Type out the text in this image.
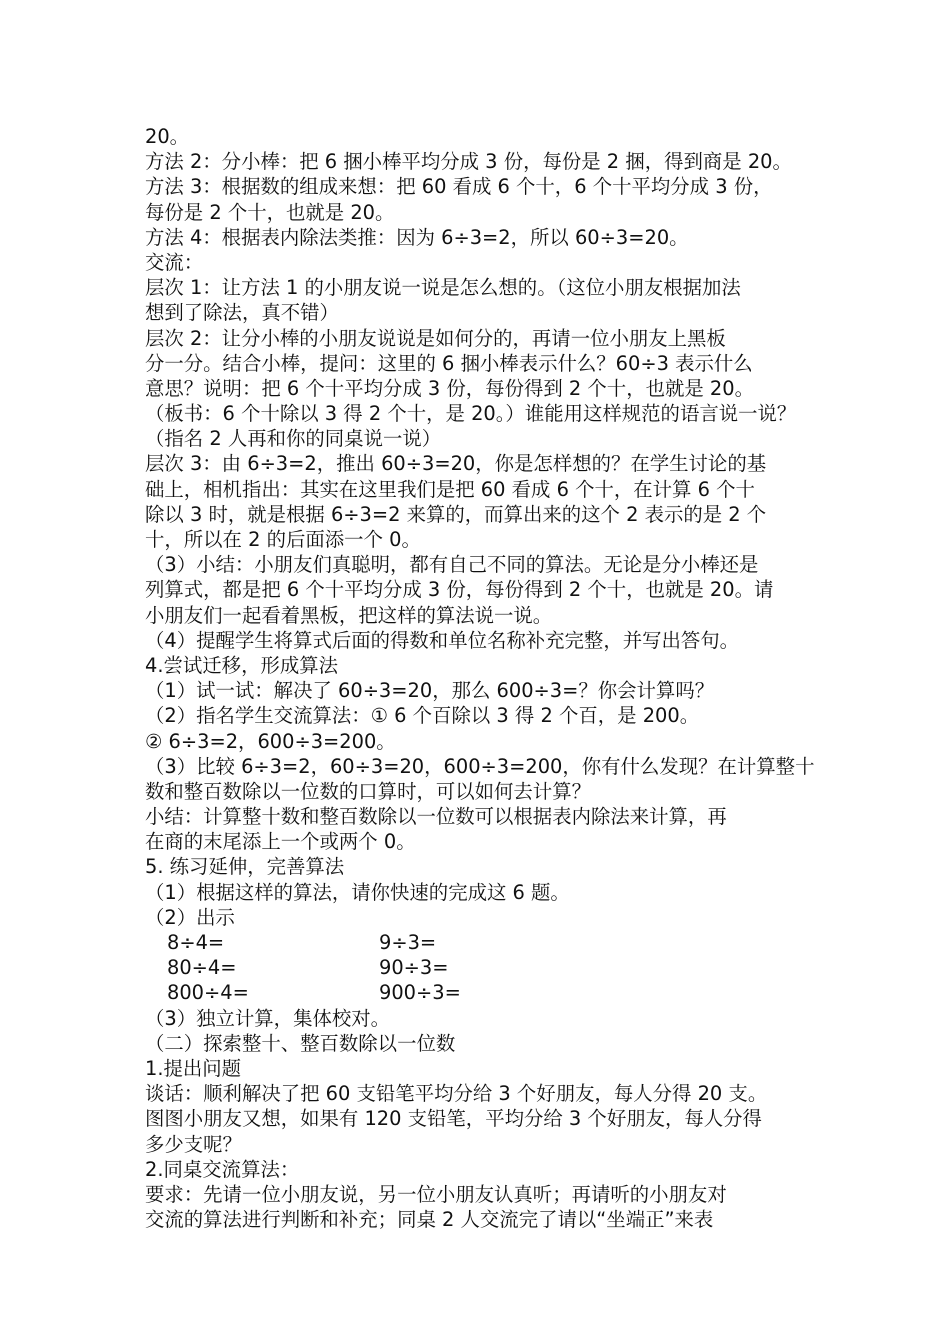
20。
方法 2：分小棒：把 6 捆小棒平均分成 3 份，每份是 2 捆，得到商是 20。
方法 3：根据数的组成来想：把 60 看成 6 个十，6 个十平均分成 3 份，
每份是 2 个十，也就是 20。
方法 4：根据表内除法类推：因为 6÷3=2，所以 60÷3=20。
交流：
层次 1：让方法 1 的小朋友说一说是怎么想的。（这位小朋友根据加法
想到了除法，真不错）
层次 2：让分小棒的小朋友说说是如何分的，再请一位小朋友上黑板
分一分。结合小棒，提问：这里的 6 捆小棒表示什么？60÷3 表示什么
意思？说明：把 6 个十平均分成 3 份，每份得到 2 个十，也就是 20。
（板书：6 个十除以 3 得 2 个十，是 20。）谁能用这样规范的语言说一说？
（指名 2 人再和你的同桌说一说）
层次 3：由 6÷3=2，推出 60÷3=20，你是怎样想的？在学生讨论的基
础上，相机指出：其实在这里我们是把 60 看成 6 个十，在计算 6 个十
除以 3 时，就是根据 6÷3=2 来算的，而算出来的这个 2 表示的是 2 个
十，所以在 2 的后面添一个 0。
（3）小结：小朋友们真聪明，都有自己不同的算法。无论是分小棒还是
列算式，都是把 6 个十平均分成 3 份，每份得到 2 个十，也就是 20。请
小朋友们一起看着黑板，把这样的算法说一说。
（4）提醒学生将算式后面的得数和单位名称补充完整，并写出答句。
4.尝试迁移，形成算法
（1）试一试：解决了 60÷3=20，那么 600÷3=？你会计算吗？
（2）指名学生交流算法：① 6 个百除以 3 得 2 个百，是 200。
② 6÷3=2，600÷3=200。
（3）比较 6÷3=2，60÷3=20，600÷3=200，你有什么发现？在计算整十
数和整百数除以一位数的口算时，可以如何去计算？
小结：计算整十数和整百数除以一位数可以根据表内除法来计算，再
在商的末尾添上一个或两个 0。
5. 练习延伸，完善算法
（1）根据这样的算法，请你快速的完成这 6 题。
（2）出示
8÷4=	9÷3=
80÷4=	90÷3=
800÷4=	900÷3=
（3）独立计算，集体校对。
（二）探索整十、整百数除以一位数
1.提出问题
谈话：顺利解决了把 60 支铅笔平均分给 3 个好朋友，每人分得 20 支。
图图小朋友又想，如果有 120 支铅笔，平均分给 3 个好朋友，每人分得
多少支呢？
2.同桌交流算法：
要求：先请一位小朋友说，另一位小朋友认真听；再请听的小朋友对
交流的算法进行判断和补充；同桌 2 人交流完了请以“坐端正”来表
